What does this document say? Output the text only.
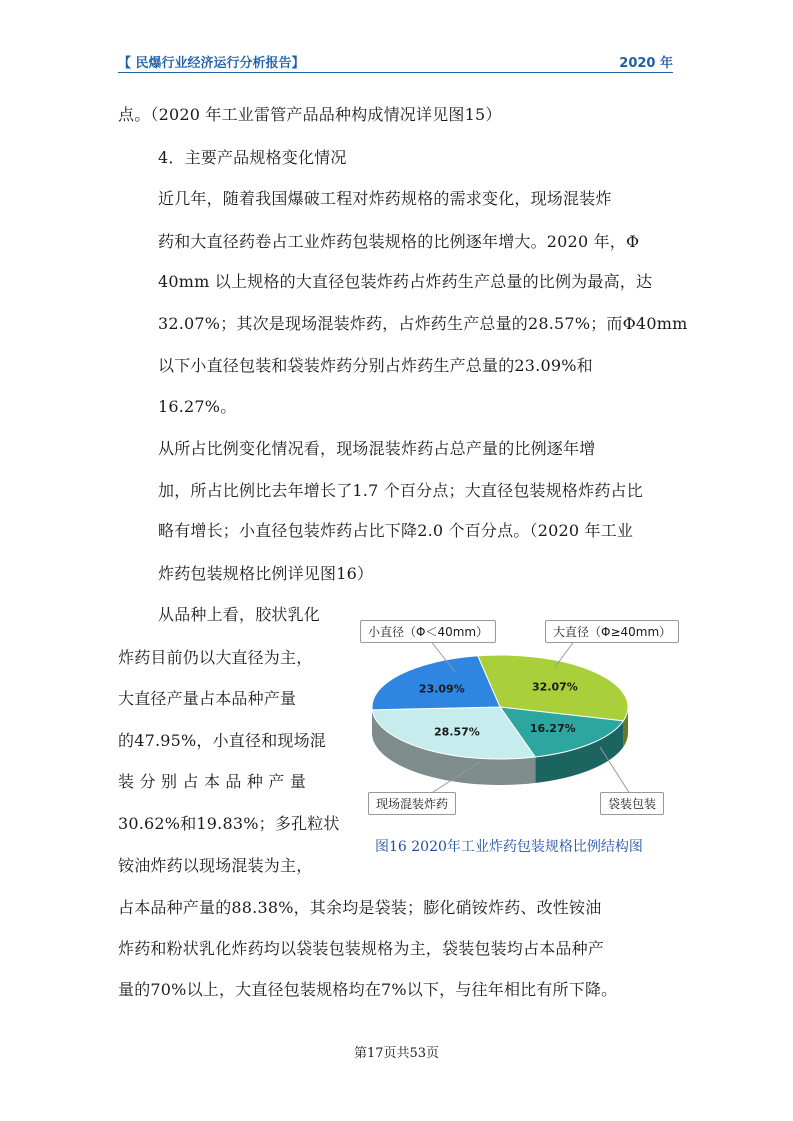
【 民爆行业经济运行分析报告】	2020 年
点。（2020 年工业雷管产品品种构成情况详见图15）
4．主要产品规格变化情况
近几年，随着我国爆破工程对炸药规格的需求变化，现场混装炸
药和大直径药卷占工业炸药包装规格的比例逐年增大。2020 年，Φ
40mm 以上规格的大直径包装炸药占炸药生产总量的比例为最高，达
32.07%；其次是现场混装炸药，占炸药生产总量的28.57%；而Φ40mm
以下小直径包装和袋装炸药分别占炸药生产总量的23.09%和
16.27%。
从所占比例变化情况看，现场混装炸药占总产量的比例逐年增
加，所占比例比去年增长了1.7 个百分点；大直径包装规格炸药占比
略有增长；小直径包装炸药占比下降2.0 个百分点。（2020 年工业
炸药包装规格比例详见图16）
从品种上看，胶状乳化
炸药目前仍以大直径为主，
大直径产量占本品种产量
的47.95%，小直径和现场混
装 分 别 占 本 品 种 产 量
30.62%和19.83%；多孔粒状
铵油炸药以现场混装为主，
占本品种产量的88.38%，其余均是袋装；膨化硝铵炸药、改性铵油
炸药和粉状乳化炸药均以袋装包装规格为主，袋装包装均占本品种产
量的70%以上，大直径包装规格均在7%以下，与往年相比有所下降。
32.07%
16.27%
28.57%
23.09%
小直径（Φ＜40mm）	大直径（Φ≥40mm）
现场混装炸药	袋装包装
图16 2020年工业炸药包装规格比例结构图
第17页共53页
